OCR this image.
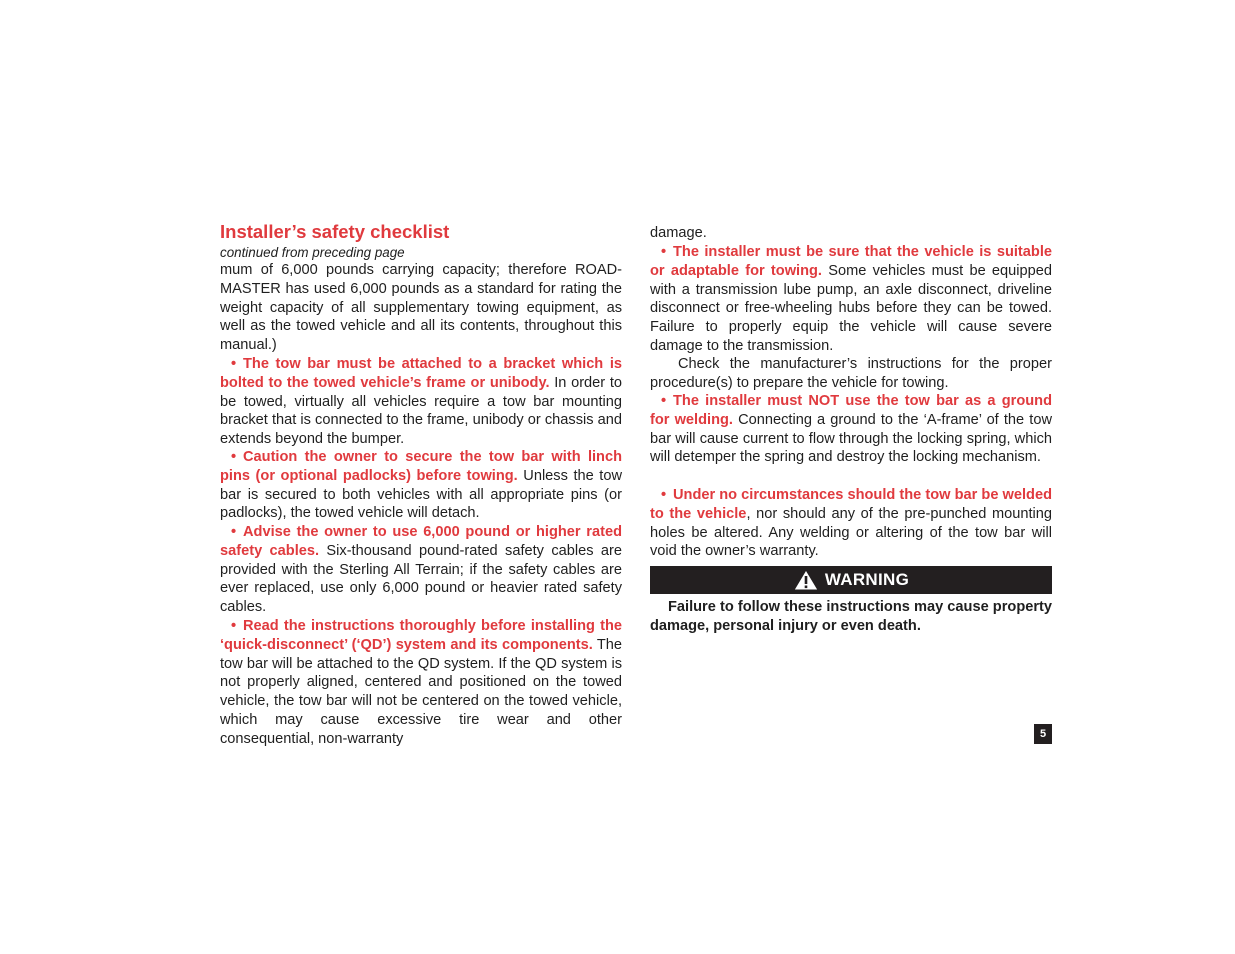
Installer’s safety checklist
continued from preceding page

mum of 6,000 pounds carrying capacity; therefore ROAD-MASTER has used 6,000 pounds as a standard for rating the weight capacity of all supplementary towing equipment, as well as the towed vehicle and all its contents, throughout this manual.)

• The tow bar must be attached to a bracket which is bolted to the towed vehicle’s frame or unibody. In order to be towed, virtually all vehicles require a tow bar mounting bracket that is connected to the frame, unibody or chassis and extends beyond the bumper.

• Caution the owner to secure the tow bar with linch pins (or optional padlocks) before towing. Unless the tow bar is secured to both vehicles with all appropriate pins (or padlocks), the towed vehicle will detach.

• Advise the owner to use 6,000 pound or higher rated safety cables. Six-thousand pound-rated safety cables are provided with the Sterling All Terrain; if the safety cables are ever replaced, use only 6,000 pound or heavier rated safety cables.

• Read the instructions thoroughly before installing the ‘quick-disconnect’ (‘QD’) system and its components. The tow bar will be attached to the QD system. If the QD system is not properly aligned, centered and positioned on the towed vehicle, the tow bar will not be centered on the towed vehicle, which may cause excessive tire wear and other consequential, non-warranty

damage.

• The installer must be sure that the vehicle is suitable or adaptable for towing. Some vehicles must be equipped with a transmission lube pump, an axle disconnect, driveline disconnect or free-wheeling hubs before they can be towed. Failure to properly equip the vehicle will cause severe damage to the transmission.

Check the manufacturer’s instructions for the proper procedure(s) to prepare the vehicle for towing.

• The installer must NOT use the tow bar as a ground for welding. Connecting a ground to the ‘A-frame’ of the tow bar will cause current to flow through the locking spring, which will detemper the spring and destroy the locking mechanism.

• Under no circumstances should the tow bar be welded to the vehicle, nor should any of the pre-punched mounting holes be altered. Any welding or altering of the tow bar will void the owner’s warranty.

WARNING

Failure to follow these instructions may cause property damage, personal injury or even death.

5
